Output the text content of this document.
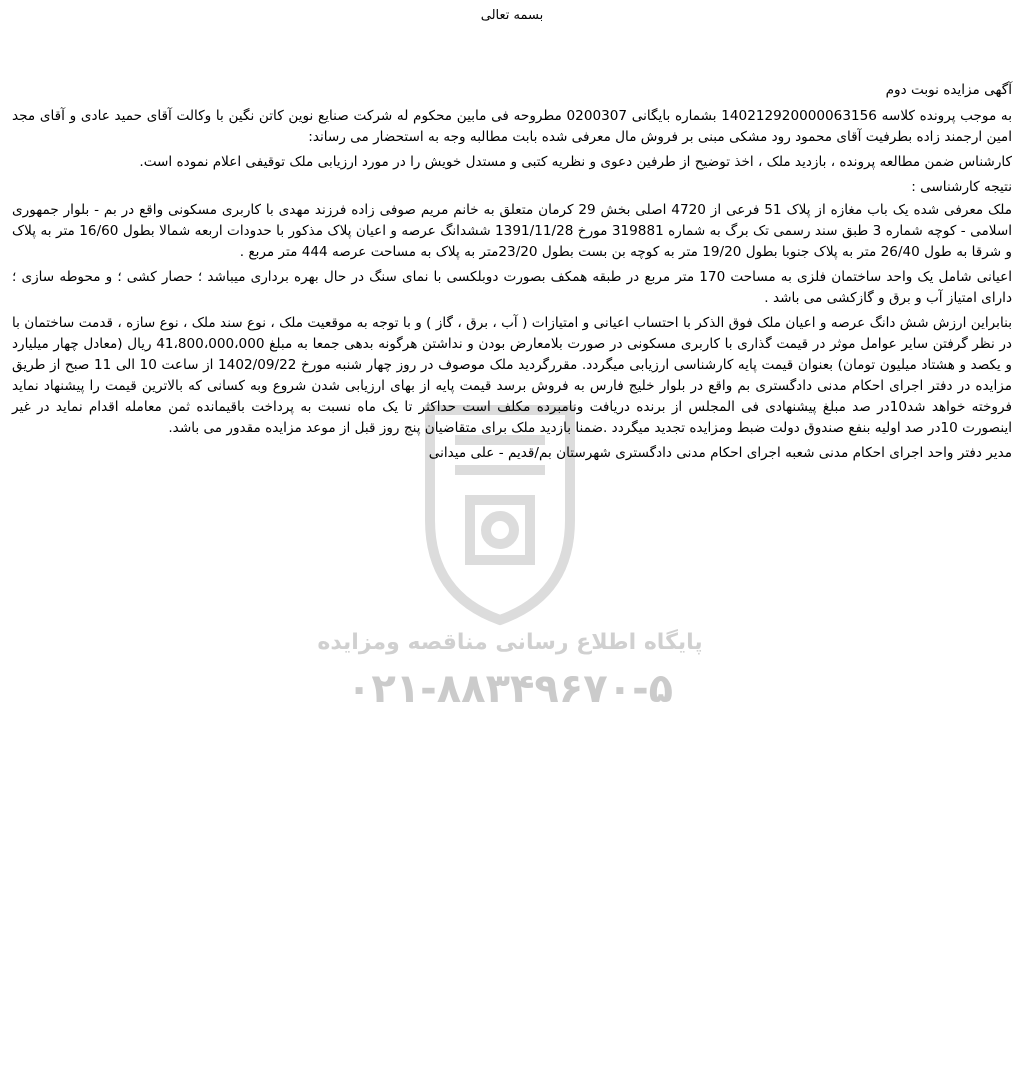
پایگاه اطلاع رسانی مناقصه ومزایده
۰۲۱-۸۸۳۴۹۶۷۰-۵
بسمه تعالی

آگهی مزایده نوبت دوم

به موجب پرونده کلاسه 140212920000063156 بشماره بایگانی 0200307 مطروحه فی مابین محکوم له شرکت صنایع نوین کاتن نگین با وکالت آقای حمید عادی و آقای مجد امین ارجمند زاده بطرفیت آقای محمود رود مشکی مبنی بر فروش مال معرفی شده بابت مطالبه وجه به استحضار می رساند:

کارشناس ضمن مطالعه پرونده ، بازدید ملک ، اخذ توضیح از طرفین دعوی و نظریه کتبی و مستدل خویش را در مورد ارزیابی ملک توقیفی اعلام نموده است.

نتیجه کارشناسی :

ملک معرفی شده یک باب مغازه از پلاک 51 فرعی از 4720 اصلی بخش 29 کرمان متعلق به خانم مریم صوفی زاده فرزند مهدی با کاربری مسکونی واقع در بم - بلوار جمهوری اسلامی - کوچه شماره 3 طبق سند رسمی تک برگ به شماره 319881 مورخ 1391/11/28 ششدانگ عرصه و اعیان پلاک مذکور با حدودات اربعه شمالا بطول 16/60 متر به پلاک و شرقا به طول 26/40 متر به پلاک جنوبا بطول 19/20 متر به کوچه بن بست بطول 23/20متر به پلاک به مساحت عرصه 444 متر مربع .

اعیانی شامل یک واحد ساختمان فلزی به مساحت 170 متر مربع در طبقه همکف بصورت دوبلکسی با نمای سنگ در حال بهره برداری میباشد ؛ حصار کشی ؛ و محوطه سازی ؛ دارای امتیاز آب و برق و گازکشی می باشد .

بنابراین ارزش شش دانگ عرصه و اعیان ملک فوق الذکر با احتساب اعیانی و امتیازات ( آب ، برق ، گاز ) و با توجه به موقعیت ملک ، نوع سند ملک ، نوع سازه ، قدمت ساختمان با در نظر گرفتن سایر عوامل موثر در قیمت گذاری با کاربری مسکونی در صورت بلامعارض بودن و نداشتن هرگونه بدهی جمعا به مبلغ 41،800،000،000 ریال (معادل چهار میلیارد و یکصد و هشتاد میلیون تومان) بعنوان قیمت پایه کارشناسی ارزیابی میگردد. مقررگردید ملک موصوف در روز چهار شنبه مورخ 1402/09/22 از ساعت 10 الی 11 صبح از طریق مزایده در دفتر اجرای احکام مدنی دادگستری بم واقع در بلوار خلیج فارس به فروش برسد قیمت پایه از بهای ارزیابی شدن شروع وبه کسانی که بالاترین قیمت را پیشنهاد نماید فروخته خواهد شد10در صد مبلغ پیشنهادی فی المجلس از برنده دریافت ونامبرده مکلف است حداکثر تا یک ماه نسبت به پرداخت باقیمانده ثمن معامله اقدام نماید در غیر اینصورت 10در صد اولیه بنفع صندوق دولت ضبط ومزایده تجدید میگردد .ضمنا بازدید ملک برای متقاضیان پنج روز قبل از موعد مزایده مقدور می باشد.

مدیر دفتر واحد اجرای احکام مدنی شعبه اجرای احکام مدنی دادگستری شهرستان بم/قدیم - علی میدانی
